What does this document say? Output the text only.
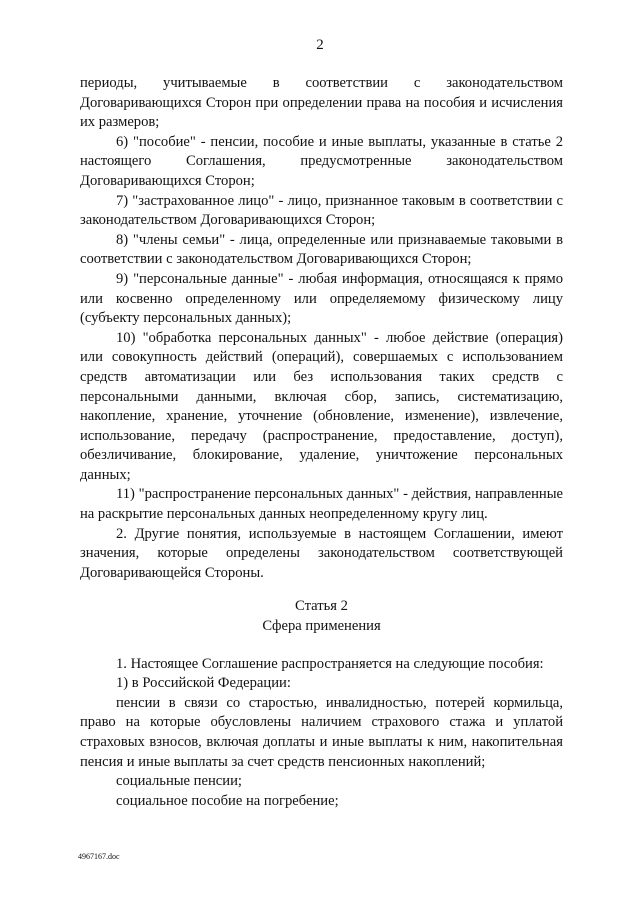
2

периоды, учитываемые в соответствии с законодательством Договаривающихся Сторон при определении права на пособия и исчисления их размеров;

6) "пособие" - пенсии, пособие и иные выплаты, указанные в статье 2 настоящего Соглашения, предусмотренные законодательством Договаривающихся Сторон;

7) "застрахованное лицо" - лицо, признанное таковым в соответствии с законодательством Договаривающихся Сторон;

8) "члены семьи" - лица, определенные или признаваемые таковыми в соответствии с законодательством Договаривающихся Сторон;

9) "персональные данные" - любая информация, относящаяся к прямо или косвенно определенному или определяемому физическому лицу (субъекту персональных данных);

10) "обработка персональных данных" - любое действие (операция) или совокупность действий (операций), совершаемых с использованием средств автоматизации или без использования таких средств с персональными данными, включая сбор, запись, систематизацию, накопление, хранение, уточнение (обновление, изменение), извлечение, использование, передачу (распространение, предоставление, доступ), обезличивание, блокирование, удаление, уничтожение персональных данных;

11) "распространение персональных данных" - действия, направленные на раскрытие персональных данных неопределенному кругу лиц.

2. Другие понятия, используемые в настоящем Соглашении, имеют значения, которые определены законодательством соответствующей Договаривающейся Стороны.

Статья 2

Сфера применения

1. Настоящее Соглашение распространяется на следующие пособия:

1) в Российской Федерации:

пенсии в связи со старостью, инвалидностью, потерей кормильца, право на которые обусловлены наличием страхового стажа и уплатой страховых взносов, включая доплаты и иные выплаты к ним, накопительная пенсия и иные выплаты за счет средств пенсионных накоплений;

социальные пенсии;

социальное пособие на погребение;

4967167.doc
